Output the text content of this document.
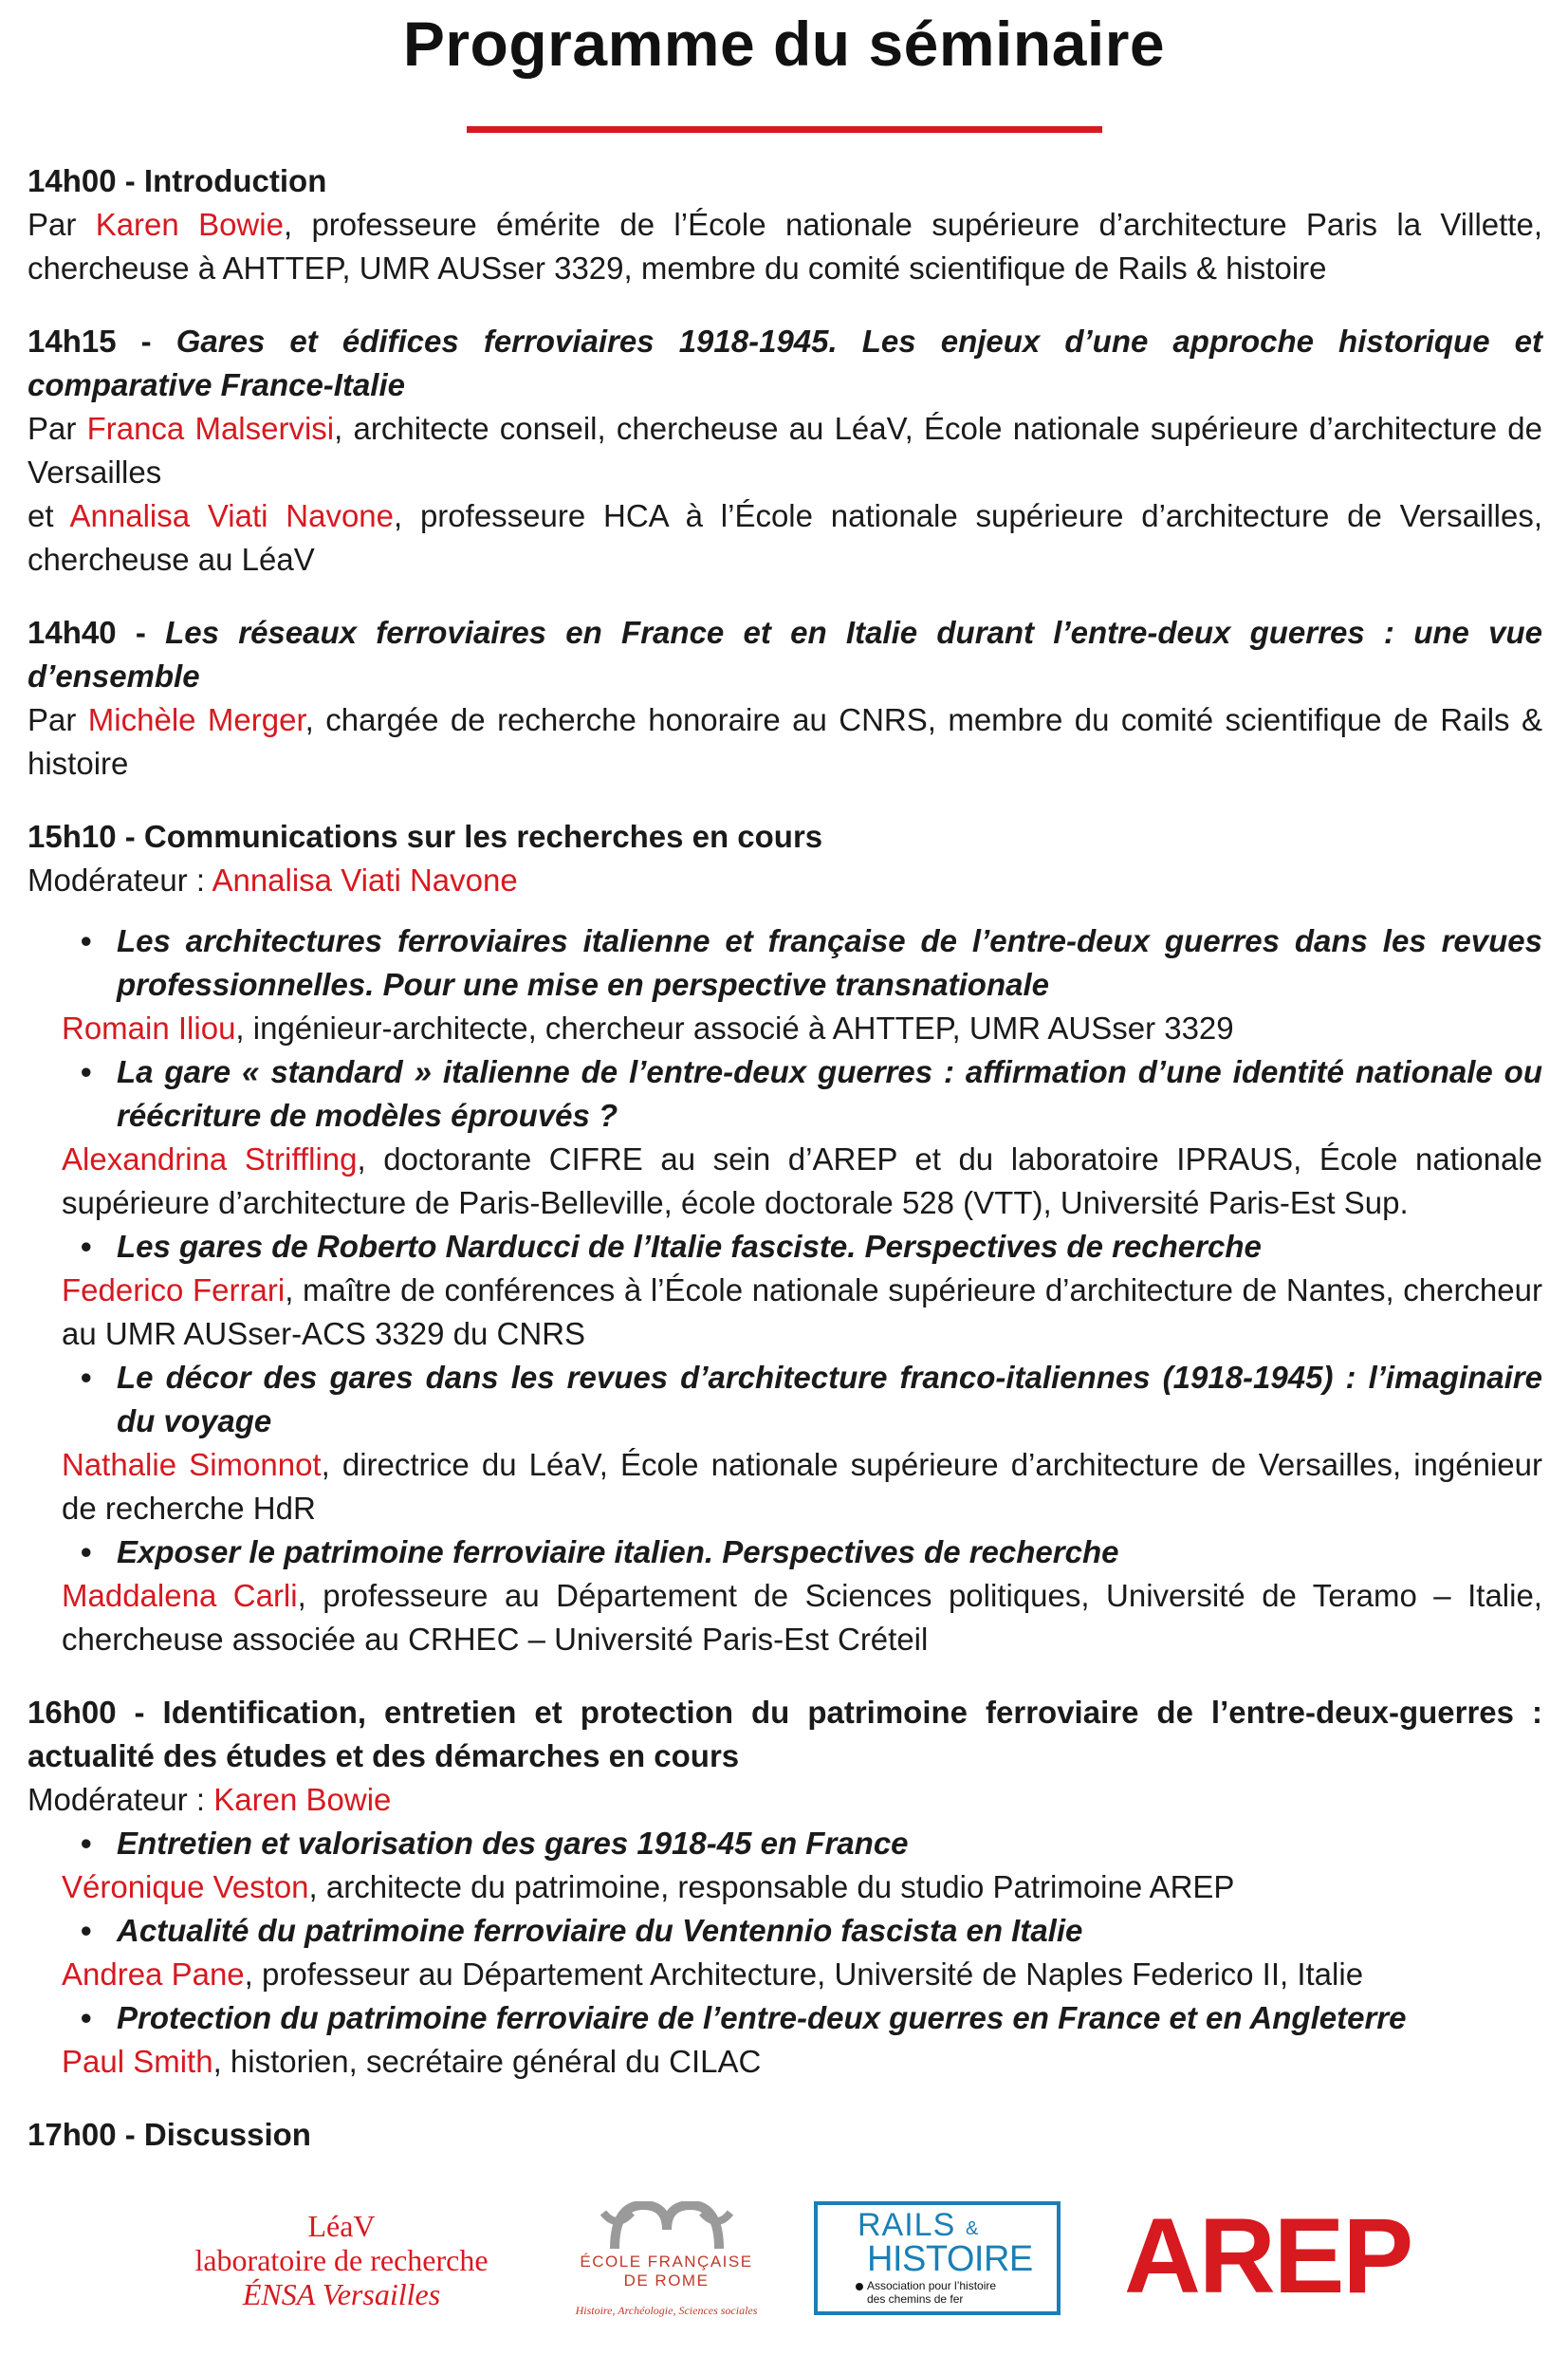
Programme du séminaire
14h00 - Introduction
Par Karen Bowie, professeure émérite de l’École nationale supérieure d’architecture Paris la Villette, chercheuse à AHTTEP, UMR AUSser 3329, membre du comité scientifique de Rails & histoire
14h15 - Gares et édifices ferroviaires 1918-1945. Les enjeux d’une approche historique et comparative France-Italie
Par Franca Malservisi, architecte conseil, chercheuse au LéaV, École nationale supérieure d’architecture de Versailles
et Annalisa Viati Navone, professeure HCA à l’École nationale supérieure d’architecture de Versailles, chercheuse au LéaV
14h40 - Les réseaux ferroviaires en France et en Italie durant l’entre-deux guerres : une vue d’ensemble
Par Michèle Merger, chargée de recherche honoraire au CNRS, membre du comité scientifique de Rails & histoire
15h10 - Communications sur les recherches en cours
Modérateur : Annalisa Viati Navone
• Les architectures ferroviaires italienne et française de l’entre-deux guerres dans les revues professionnelles. Pour une mise en perspective transnationale
Romain Iliou, ingénieur-architecte, chercheur associé à AHTTEP, UMR AUSser 3329
• La gare « standard » italienne de l’entre-deux guerres : affirmation d’une identité nationale ou réécriture de modèles éprouvés ?
Alexandrina Striffling, doctorante CIFRE au sein d’AREP et du laboratoire IPRAUS, École nationale supérieure d’architecture de Paris-Belleville, école doctorale 528 (VTT), Université Paris-Est Sup.
• Les gares de Roberto Narducci de l’Italie fasciste. Perspectives de recherche
Federico Ferrari, maître de conférences à l’École nationale supérieure d’architecture de Nantes, chercheur au UMR AUSser-ACS 3329 du CNRS
• Le décor des gares dans les revues d’architecture franco-italiennes (1918-1945) : l’imaginaire du voyage
Nathalie Simonnot, directrice du LéaV, École nationale supérieure d’architecture de Versailles, ingénieur de recherche HdR
• Exposer le patrimoine ferroviaire italien. Perspectives de recherche
Maddalena Carli, professeure au Département de Sciences politiques, Université de Teramo – Italie, chercheuse associée au CRHEC – Université Paris-Est Créteil
16h00 - Identification, entretien et protection du patrimoine ferroviaire de l’entre-deux-guerres : actualité des études et des démarches en cours
Modérateur : Karen Bowie
• Entretien et valorisation des gares 1918-45 en France
Véronique Veston, architecte du patrimoine, responsable du studio Patrimoine AREP
• Actualité du patrimoine ferroviaire du Ventennio fascista en Italie
Andrea Pane, professeur au Département Architecture, Université de Naples Federico II, Italie
• Protection du patrimoine ferroviaire de l’entre-deux guerres en France et en Angleterre
Paul Smith, historien, secrétaire général du CILAC
17h00 - Discussion
LéaV
laboratoire de recherche
ÉNSA Versailles
ÉCOLE FRANÇAISE
DE ROME
Histoire, Archéologie, Sciences sociales
RAILS &
HISTOIRE
Association pour l’histoire
des chemins de fer	AREP
